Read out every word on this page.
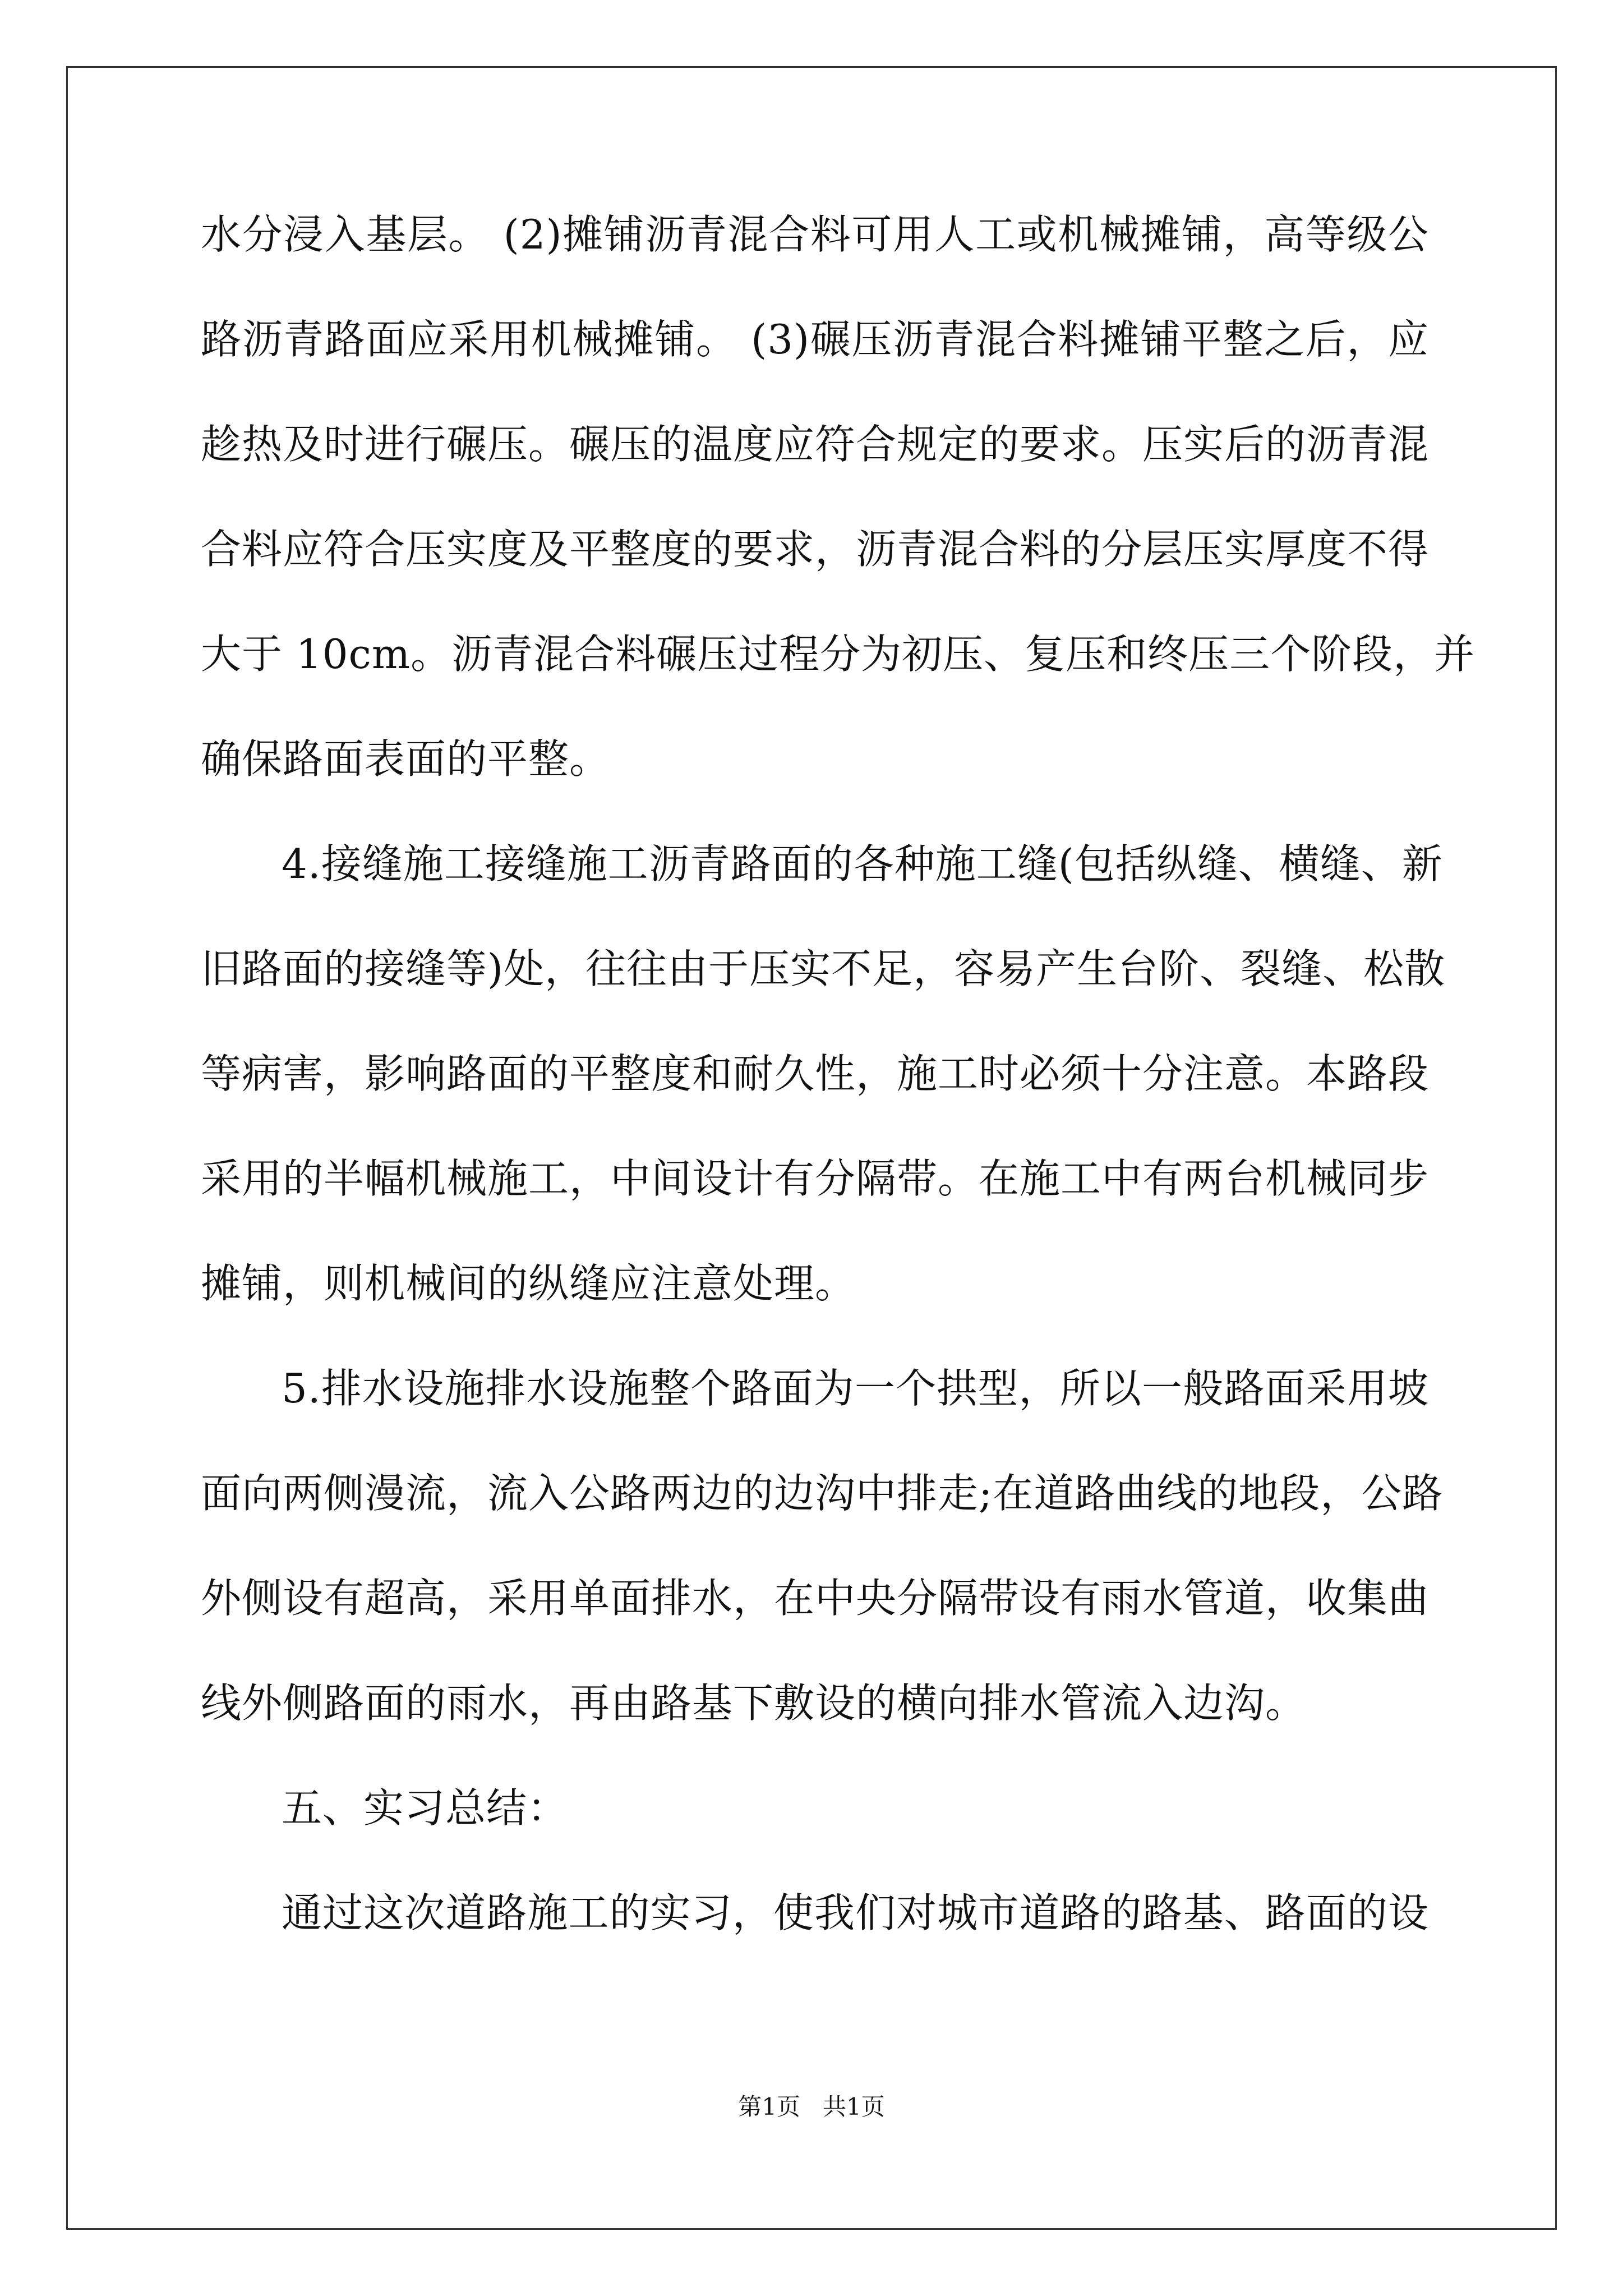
水分浸入基层。 (2)摊铺沥青混合料可用人工或机械摊铺，高等级公
路沥青路面应采用机械摊铺。 (3)碾压沥青混合料摊铺平整之后，应
趁热及时进行碾压。碾压的温度应符合规定的要求。压实后的沥青混
合料应符合压实度及平整度的要求，沥青混合料的分层压实厚度不得
大于 10cm。沥青混合料碾压过程分为初压、复压和终压三个阶段，并
确保路面表面的平整。
4.接缝施工接缝施工沥青路面的各种施工缝(包括纵缝、横缝、新
旧路面的接缝等)处，往往由于压实不足，容易产生台阶、裂缝、松散
等病害，影响路面的平整度和耐久性，施工时必须十分注意。本路段
采用的半幅机械施工，中间设计有分隔带。在施工中有两台机械同步
摊铺，则机械间的纵缝应注意处理。
5.排水设施排水设施整个路面为一个拱型，所以一般路面采用坡
面向两侧漫流，流入公路两边的边沟中排走;在道路曲线的地段，公路
外侧设有超高，采用单面排水，在中央分隔带设有雨水管道，收集曲
线外侧路面的雨水，再由路基下敷设的横向排水管流入边沟。
五、实习总结：
通过这次道路施工的实习，使我们对城市道路的路基、路面的设
第1页   共1页
